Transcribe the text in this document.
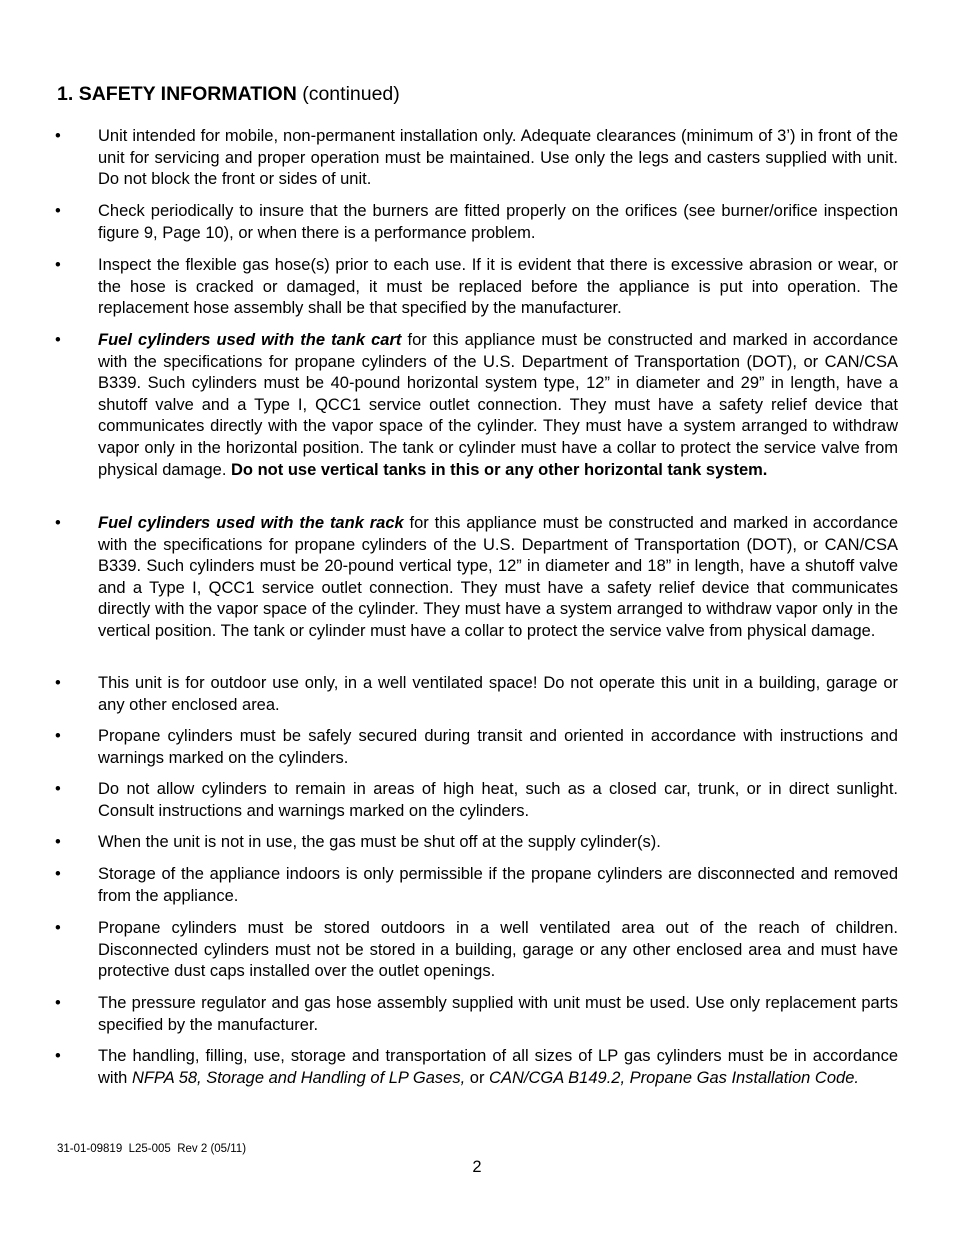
1. SAFETY INFORMATION (continued)
• Unit intended for mobile, non-permanent installation only. Adequate clearances (minimum of 3’) in front of the unit for servicing and proper operation must be maintained. Use only the legs and casters supplied with unit. Do not block the front or sides of unit.
• Check periodically to insure that the burners are fitted properly on the orifices (see burner/orifice inspection figure 9, Page 10), or when there is a performance problem.
• Inspect the flexible gas hose(s) prior to each use. If it is evident that there is excessive abrasion or wear, or the hose is cracked or damaged, it must be replaced before the appliance is put into operation. The replacement hose assembly shall be that specified by the manufacturer.
• Fuel cylinders used with the tank cart for this appliance must be constructed and marked in accordance with the specifications for propane cylinders of the U.S. Department of Transportation (DOT), or CAN/CSA B339. Such cylinders must be 40-pound horizontal system type, 12” in diameter and 29” in length, have a shutoff valve and a Type I, QCC1 service outlet connection. They must have a safety relief device that communicates directly with the vapor space of the cylinder. They must have a system arranged to withdraw vapor only in the horizontal position. The tank or cylinder must have a collar to protect the service valve from physical damage. Do not use vertical tanks in this or any other horizontal tank system.
• Fuel cylinders used with the tank rack for this appliance must be constructed and marked in accordance with the specifications for propane cylinders of the U.S. Department of Transportation (DOT), or CAN/CSA B339. Such cylinders must be 20-pound vertical type, 12” in diameter and 18” in length, have a shutoff valve and a Type I, QCC1 service outlet connection. They must have a safety relief device that communicates directly with the vapor space of the cylinder. They must have a system arranged to withdraw vapor only in the vertical position. The tank or cylinder must have a collar to protect the service valve from physical damage.
• This unit is for outdoor use only, in a well ventilated space! Do not operate this unit in a building, garage or any other enclosed area.
• Propane cylinders must be safely secured during transit and oriented in accordance with instructions and warnings marked on the cylinders.
• Do not allow cylinders to remain in areas of high heat, such as a closed car, trunk, or in direct sunlight. Consult instructions and warnings marked on the cylinders.
• When the unit is not in use, the gas must be shut off at the supply cylinder(s).
• Storage of the appliance indoors is only permissible if the propane cylinders are disconnected and removed from the appliance.
• Propane cylinders must be stored outdoors in a well ventilated area out of the reach of children. Disconnected cylinders must not be stored in a building, garage or any other enclosed area and must have protective dust caps installed over the outlet openings.
• The pressure regulator and gas hose assembly supplied with unit must be used. Use only replacement parts specified by the manufacturer.
• The handling, filling, use, storage and transportation of all sizes of LP gas cylinders must be in accordance with NFPA 58, Storage and Handling of LP Gases, or CAN/CGA B149.2, Propane Gas Installation Code.
31-01-09819  L25-005  Rev 2 (05/11)
2
